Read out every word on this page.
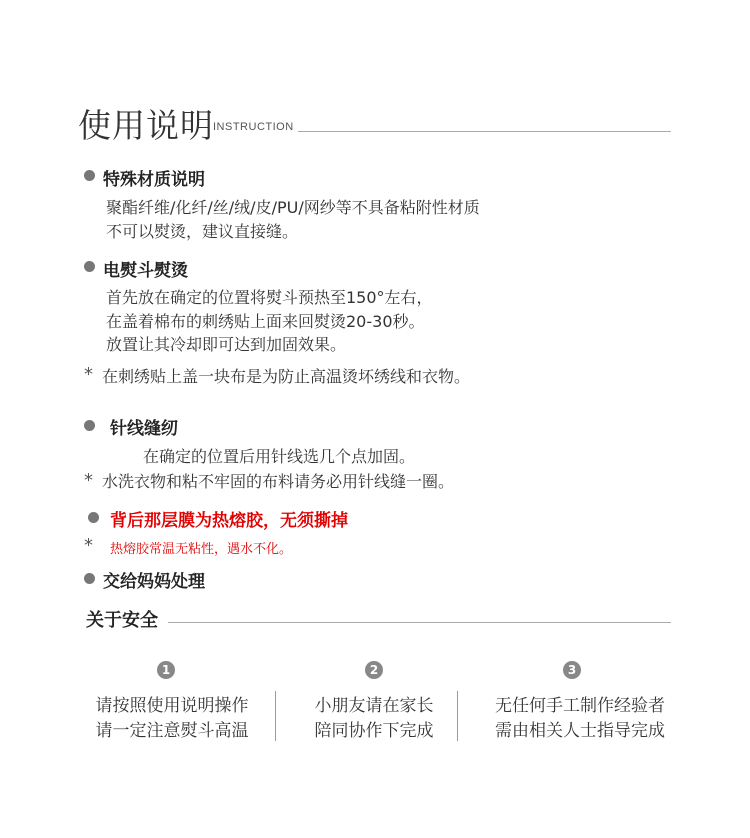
使用说明 INSTRUCTION
特殊材质说明
聚酯纤维/化纤/丝/绒/皮/PU/网纱等不具备粘附性材质
不可以熨烫，建议直接缝。
电熨斗熨烫
首先放在确定的位置将熨斗预热至150°左右，
在盖着棉布的刺绣贴上面来回熨烫20-30秒。
放置让其冷却即可达到加固效果。
* 在刺绣贴上盖一块布是为防止高温烫坏绣线和衣物。
针线缝纫
在确定的位置后用针线选几个点加固。
* 水洗衣物和粘不牢固的布料请务必用针线缝一圈。
背后那层膜为热熔胶，无须撕掉
* 热熔胶常温无粘性，遇水不化。
交给妈妈处理
关于安全
1	2	3
请按照使用说明操作
请一定注意熨斗高温
小朋友请在家长
陪同协作下完成
无任何手工制作经验者
需由相关人士指导完成
